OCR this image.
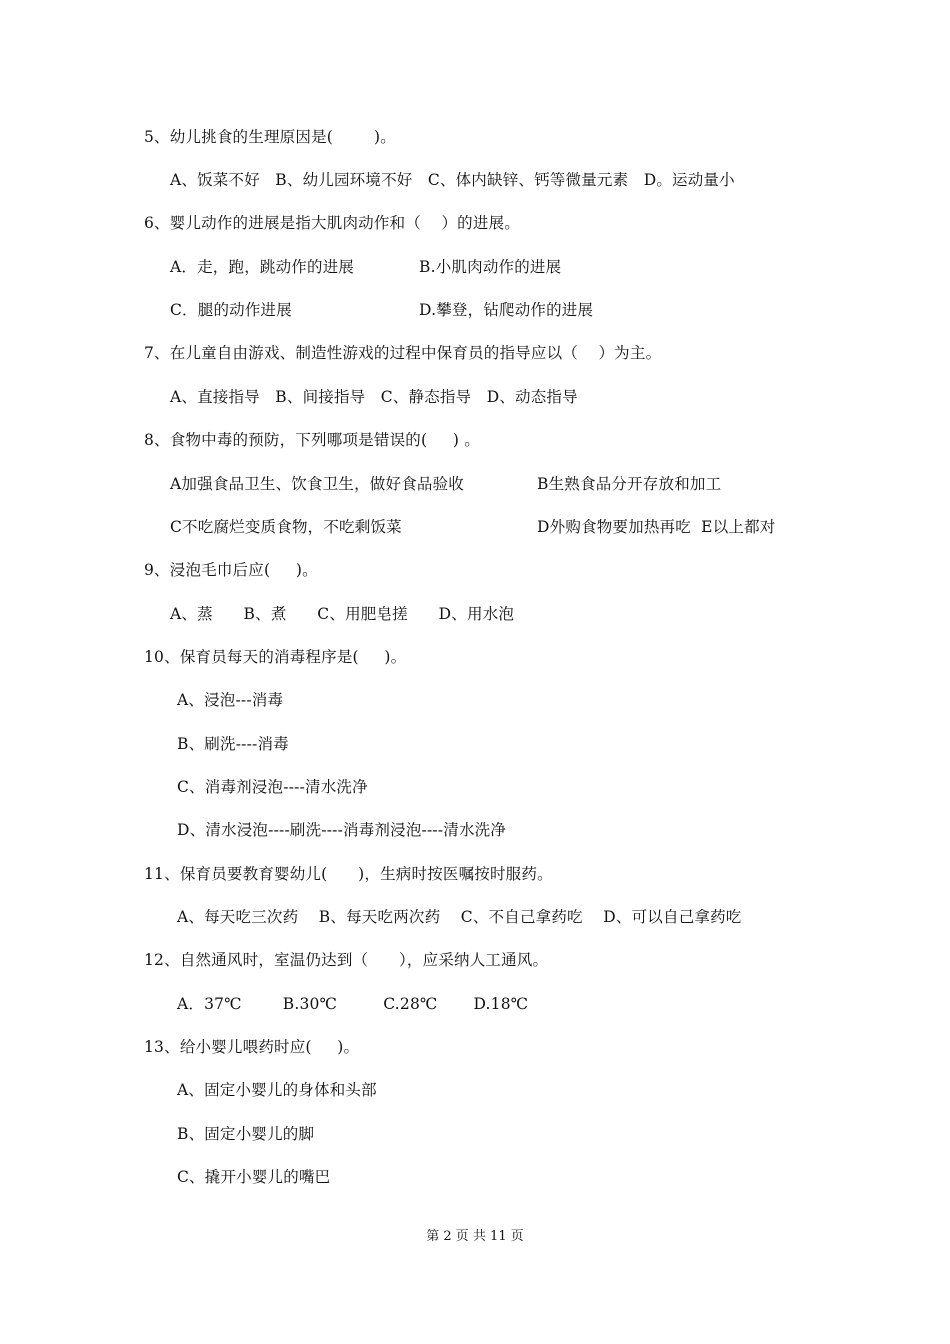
5、幼儿挑食的生理原因是(        )。
A、饭菜不好   B、幼儿园环境不好   C、体内缺锌、钙等微量元素   D。运动量小
6、婴儿动作的进展是指大肌肉动作和（    ）的进展。
A．走，跑，跳动作的进展	B.小肌肉动作的进展
C．腿的动作进展	D.攀登，钻爬动作的进展
7、在儿童自由游戏、制造性游戏的过程中保育员的指导应以（    ）为主。
A、直接指导   B、间接指导   C、静态指导   D、动态指导
8、食物中毒的预防，下列哪项是错误的(     ) 。
A加强食品卫生、饮食卫生，做好食品验收	B生熟食品分开存放和加工
C不吃腐烂变质食物，不吃剩饭菜	D外购食物要加热再吃  E以上都对
9、浸泡毛巾后应(     )。
A、蒸      B、煮      C、用肥皂搓      D、用水泡
10、保育员每天的消毒程序是(     )。
A、浸泡---消毒
B、刷洗----消毒
C、消毒剂浸泡----清水洗净
D、清水浸泡----刷洗----消毒剂浸泡----清水洗净
11、保育员要教育婴幼儿(      )，生病时按医嘱按时服药。
A、每天吃三次药    B、每天吃两次药    C、不自己拿药吃    D、可以自己拿药吃
12、自然通风时，室温仍达到（      ），应采纳人工通风。
A．37℃        B.30℃         C.28℃       D.18℃
13、给小婴儿喂药时应(     )。
A、固定小婴儿的身体和头部
B、固定小婴儿的脚
C、撬开小婴儿的嘴巴
第 2 页 共 11 页
